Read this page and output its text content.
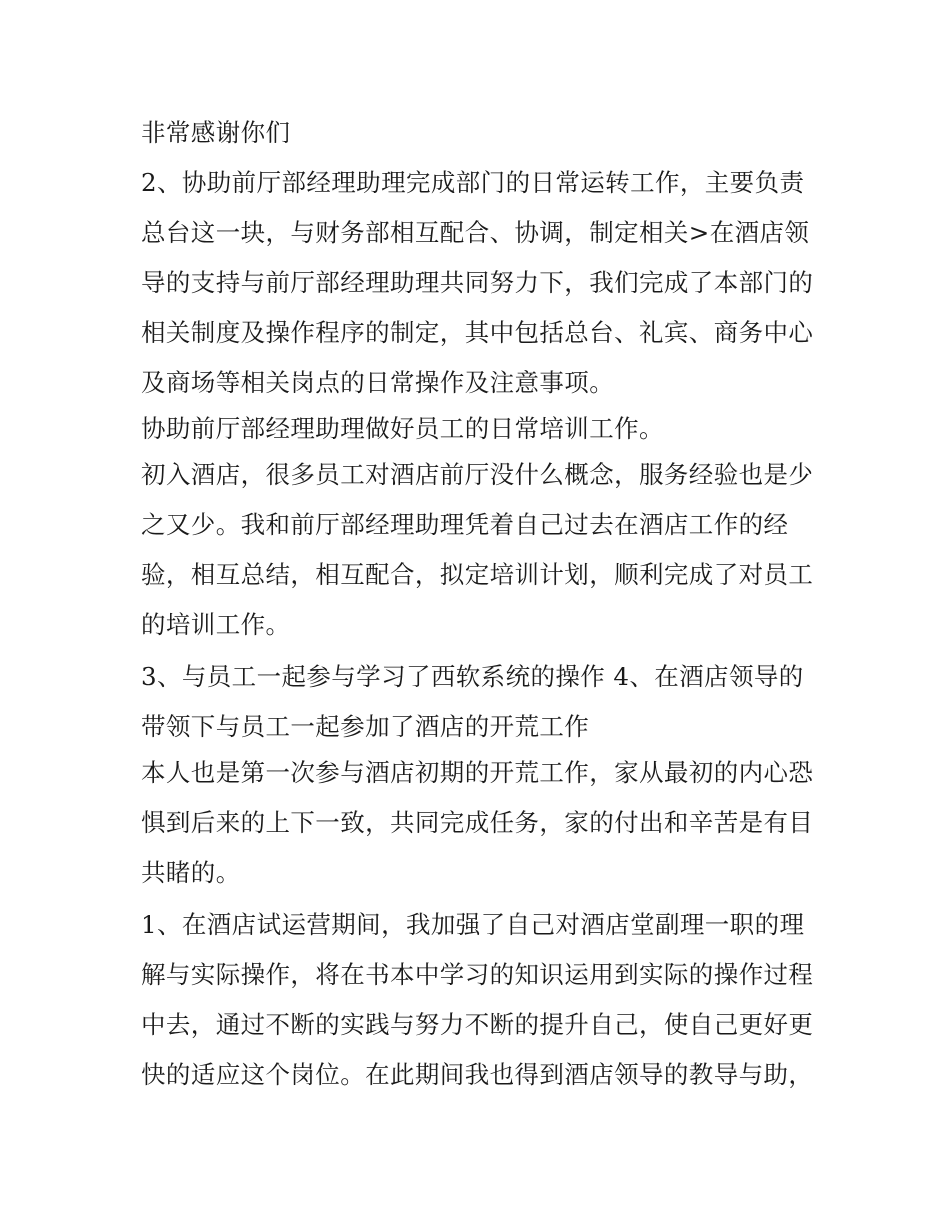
非常感谢你们
2、协助前厅部经理助理完成部门的日常运转工作，主要负责
总台这一块，与财务部相互配合、协调，制定相关>在酒店领
导的支持与前厅部经理助理共同努力下，我们完成了本部门的
相关制度及操作程序的制定，其中包括总台、礼宾、商务中心
及商场等相关岗点的日常操作及注意事项。
协助前厅部经理助理做好员工的日常培训工作。
初入酒店，很多员工对酒店前厅没什么概念，服务经验也是少
之又少。我和前厅部经理助理凭着自己过去在酒店工作的经
验，相互总结，相互配合，拟定培训计划，顺利完成了对员工
的培训工作。
3、与员工一起参与学习了西软系统的操作 4、在酒店领导的
带领下与员工一起参加了酒店的开荒工作
本人也是第一次参与酒店初期的开荒工作，家从最初的内心恐
惧到后来的上下一致，共同完成任务，家的付出和辛苦是有目
共睹的。
1、在酒店试运营期间，我加强了自己对酒店堂副理一职的理
解与实际操作，将在书本中学习的知识运用到实际的操作过程
中去，通过不断的实践与努力不断的提升自己，使自己更好更
快的适应这个岗位。在此期间我也得到酒店领导的教导与助，
